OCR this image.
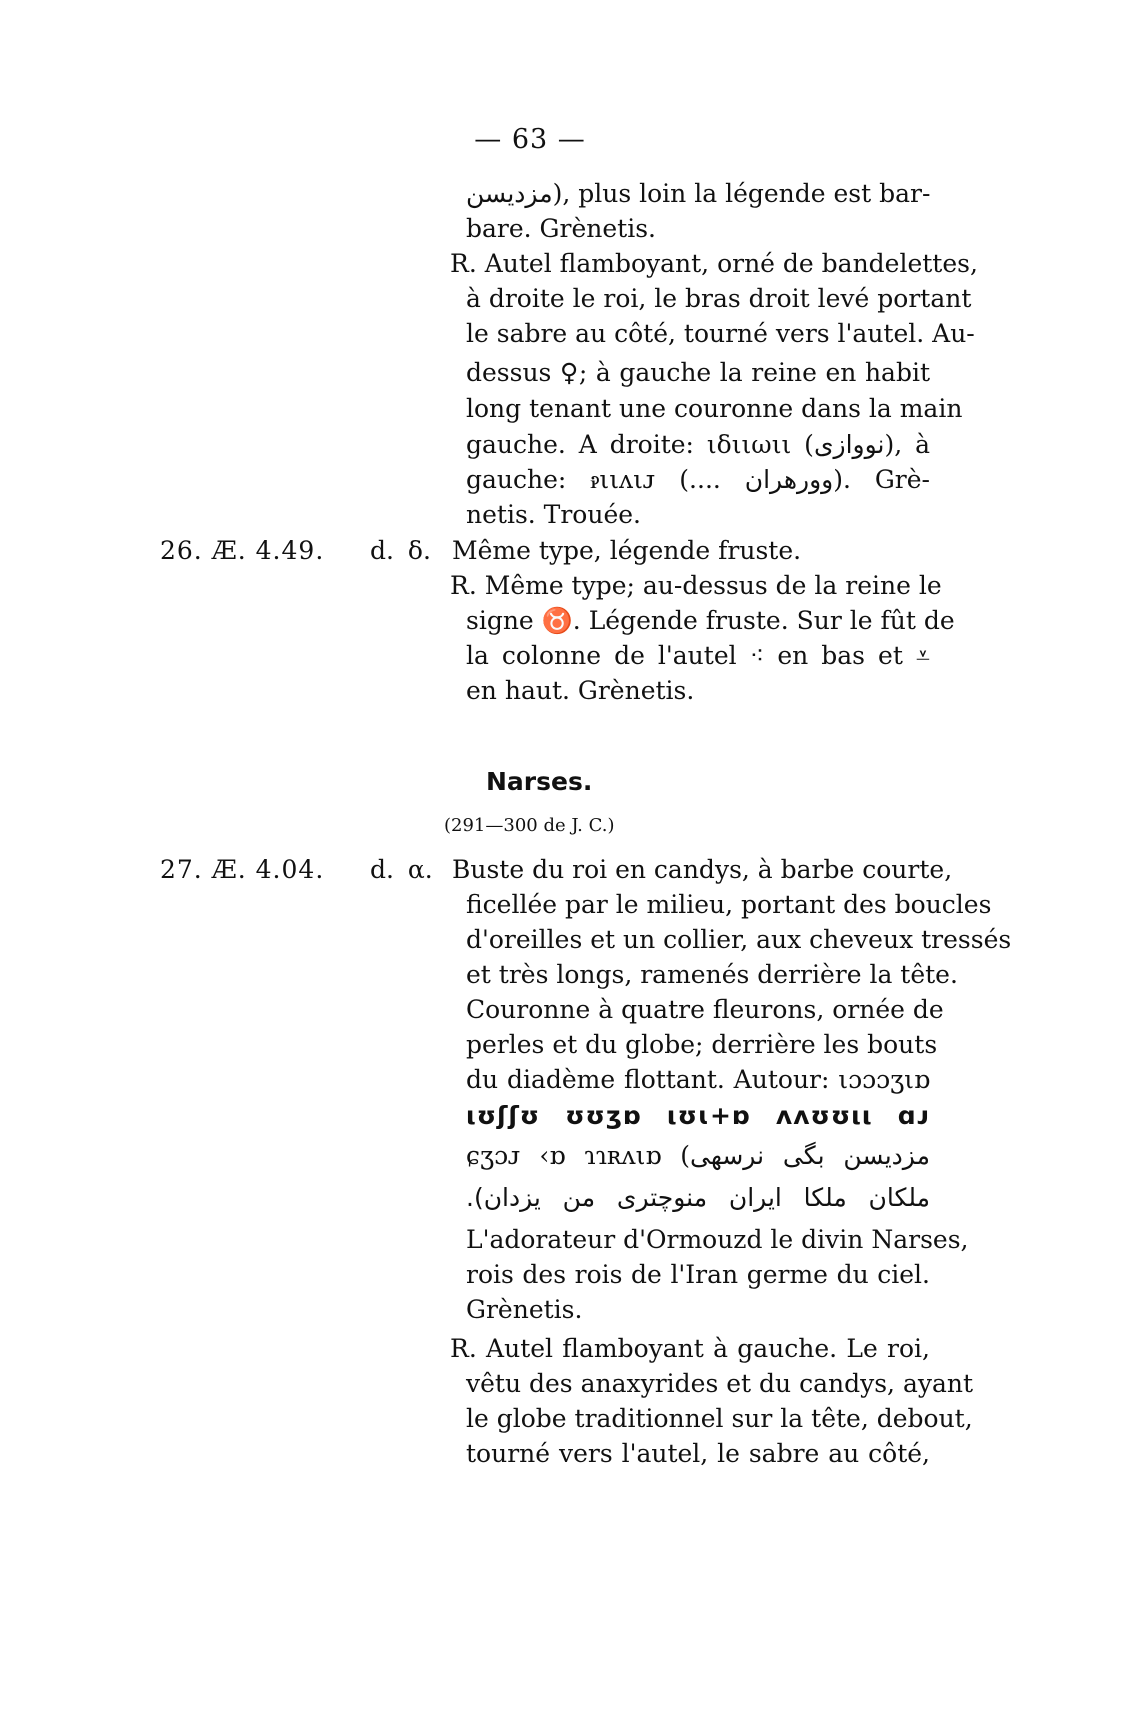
— 63 —
مزديسن), plus loin la légende est bar-
bare. Grènetis.
R. Autel flamboyant, orné de bandelettes,
à droite le roi, le bras droit levé portant
le sabre au côté, tourné vers l'autel. Au-
dessus ♀; à gauche la reine en habit
long tenant une couronne dans la main
gauche. A droite: ιδιιωιι (نووازی), à
gauche: ꭾιιᴧιᴊ (.... وورهران). Grè-
netis. Trouée.
26. Æ. 4.49. d. δ. Même type, légende fruste.
R. Même type; au-dessus de la reine le
signe ♉. Légende fruste. Sur le fût de
la colonne de l'autel ⁖ en bas et ⩡
en haut. Grènetis.
Narses.
(291—300 de J. C.)
27. Æ. 4.04. d. α. Buste du roi en candys, à barbe courte,
ficellée par le milieu, portant des boucles
d'oreilles et un collier, aux cheveux tressés
et très longs, ramenés derrière la tête.
Couronne à quatre fleurons, ornée de
perles et du globe; derrière les bouts
du diadème flottant. Autour: ιɔɔɔʒιɒ
ιʊʃʃʊ ʊʊʒɒ ιʊɩ+ɒ ᴧᴧʊʊιι ɑᴊ
ɕʒɔᴊ ‹ɒ ɿɿʀᴧιɒ (مزديسن بگی نرسهی
ملکان ملکا ايران منوچتری من يزدان).
L'adorateur d'Ormouzd le divin Narses,
rois des rois de l'Iran germe du ciel.
Grènetis.
R. Autel flamboyant à gauche. Le roi,
vêtu des anaxyrides et du candys, ayant
le globe traditionnel sur la tête, debout,
tourné vers l'autel, le sabre au côté,
